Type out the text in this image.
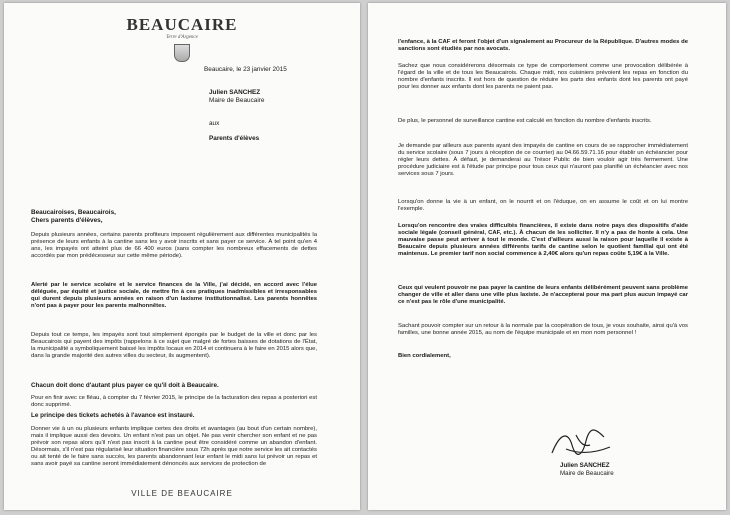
BEAUCAIRE
Terre d'Argence
Beaucaire, le 23 janvier 2015
Julien SANCHEZ
Maire de Beaucaire
aux
Parents d'élèves
Beaucairoises, Beaucairois,
Chers parents d'élèves,
Depuis plusieurs années, certains parents profiteurs imposent régulièrement aux différentes municipalités la présence de leurs enfants à la cantine sans les y avoir inscrits et sans payer ce service. À tel point qu'en 4 ans, les impayés ont atteint plus de 66 400 euros (sans compter les nombreux effacements de dettes accordés par mon prédécesseur sur cette même période).
Alerté par le service scolaire et le service finances de la Ville, j'ai décidé, en accord avec l'élue déléguée, par équité et justice sociale, de mettre fin à ces pratiques inadmissibles et irresponsables qui durent depuis plusieurs années en raison d'un laxisme institutionnalisé. Les parents honnêtes n'ont pas à payer pour les parents malhonnêtes.
Depuis tout ce temps, les impayés sont tout simplement épongés par le budget de la ville et donc par les Beaucairois qui payent des impôts (rappelons à ce sujet que malgré de fortes baisses de dotations de l'État, la municipalité a symboliquement baissé les impôts locaux en 2014 et continuera à le faire en 2015 alors que, dans la grande majorité des autres villes du secteur, ils augmentent).
Chacun doit donc d'autant plus payer ce qu'il doit à Beaucaire.
Pour en finir avec ce fléau, à compter du 7 février 2015, le principe de la facturation des repas a posteriori est donc supprimé.
Le principe des tickets achetés à l'avance est instauré.
Donner vie à un ou plusieurs enfants implique certes des droits et avantages (au bout d'un certain nombre), mais il implique aussi des devoirs. Un enfant n'est pas un objet. Ne pas venir chercher son enfant et ne pas prévoir son repas alors qu'il n'est pas inscrit à la cantine peut être considéré comme un abandon d'enfant. Désormais, s'il n'est pas régularisé leur situation financière sous 72h après que notre service les ait contactés ou ait tenté de le faire sans succès, les parents abandonnant leur enfant le midi sans lui prévoir un repas et sans avoir payé sa cantine seront immédiatement dénoncés aux services de protection de
VILLE DE BEAUCAIRE
l'enfance, à la CAF et feront l'objet d'un signalement au Procureur de la République. D'autres modes de sanctions sont étudiés par nos avocats.
Sachez que nous considérerons désormais ce type de comportement comme une provocation délibérée à l'égard de la ville et de tous les Beaucairois. Chaque midi, nos cuisiniers prévoient les repas en fonction du nombre d'enfants inscrits. Il est hors de question de réduire les parts des enfants dont les parents ont payé pour les donner aux enfants dont les parents ne paient pas.
De plus, le personnel de surveillance cantine est calculé en fonction du nombre d'enfants inscrits.
Je demande par ailleurs aux parents ayant des impayés de cantine en cours de se rapprocher immédiatement du service scolaire (sous 7 jours à réception de ce courrier) au 04.66.59.71.16 pour établir un échéancier pour régler leurs dettes. À défaut, je demanderai au Trésor Public de bien vouloir agir très fermement. Une procédure judiciaire est à l'étude par principe pour tous ceux qui n'auront pas planifié un échéancier avec nos services sous 7 jours.
Lorsqu'on donne la vie à un enfant, on le nourrit et on l'éduque, on en assume le coût et on lui montre l'exemple.
Lorsqu'on rencontre des vraies difficultés financières, il existe dans notre pays des dispositifs d'aide sociale légale (conseil général, CAF, etc.). À chacun de les solliciter. Il n'y a pas de honte à cela. Une mauvaise passe peut arriver à tout le monde. C'est d'ailleurs aussi la raison pour laquelle il existe à Beaucaire depuis plusieurs années différents tarifs de cantine selon le quotient familial qui ont été maintenus. Le premier tarif non social commence à 2,40€ alors qu'un repas coûte 5,19€ à la Ville.
Ceux qui veulent pouvoir ne pas payer la cantine de leurs enfants délibérément peuvent sans problème changer de ville et aller dans une ville plus laxiste. Je n'accepterai pour ma part plus aucun impayé car ce n'est pas le rôle d'une municipalité.
Sachant pouvoir compter sur un retour à la normale par la coopération de tous, je vous souhaite, ainsi qu'à vos familles, une bonne année 2015, au nom de l'équipe municipale et en mon nom personnel !
Bien cordialement,
Julien SANCHEZ
Maire de Beaucaire
